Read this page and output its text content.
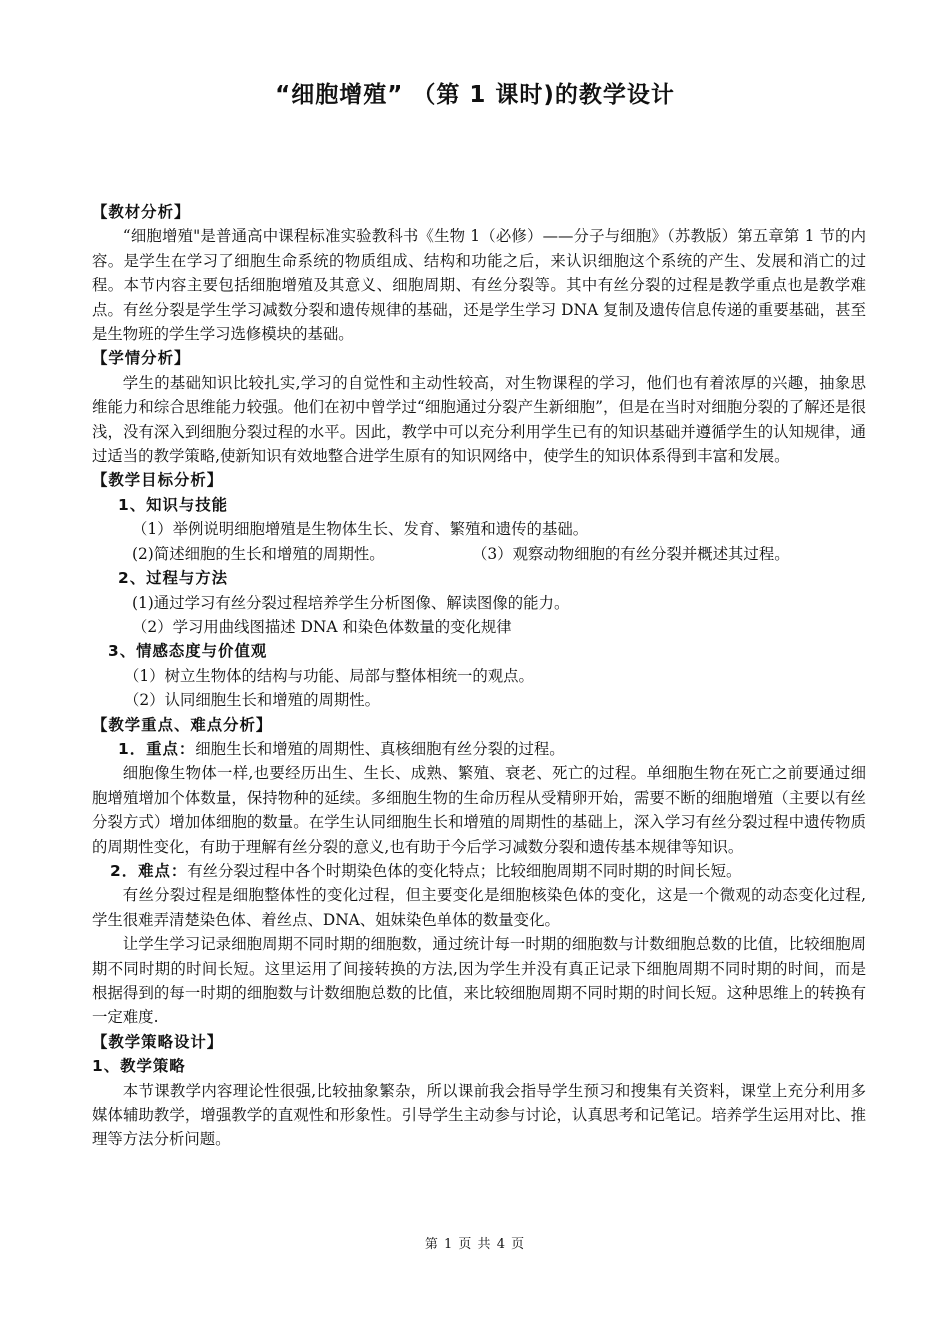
“细胞增殖” （第 1 课时)的教学设计

【教材分析】

“细胞增殖"是普通高中课程标准实验教科书《生物 1（必修）——分子与细胞》（苏教版）第五章第 1 节的内容。是学生在学习了细胞生命系统的物质组成、结构和功能之后，来认识细胞这个系统的产生、发展和消亡的过程。本节内容主要包括细胞增殖及其意义、细胞周期、有丝分裂等。其中有丝分裂的过程是教学重点也是教学难点。有丝分裂是学生学习减数分裂和遗传规律的基础，还是学生学习 DNA 复制及遗传信息传递的重要基础，甚至是生物班的学生学习选修模块的基础。

【学情分析】

学生的基础知识比较扎实,学习的自觉性和主动性较高，对生物课程的学习，他们也有着浓厚的兴趣，抽象思维能力和综合思维能力较强。他们在初中曾学过“细胞通过分裂产生新细胞”，但是在当时对细胞分裂的了解还是很浅，没有深入到细胞分裂过程的水平。因此，教学中可以充分利用学生已有的知识基础并遵循学生的认知规律，通过适当的教学策略,使新知识有效地整合进学生原有的知识网络中，使学生的知识体系得到丰富和发展。

【教学目标分析】

1、知识与技能

（1）举例说明细胞增殖是生物体生长、发育、繁殖和遗传的基础。

(2)简述细胞的生长和增殖的周期性。	（3）观察动物细胞的有丝分裂并概述其过程。

2、过程与方法

(1)通过学习有丝分裂过程培养学生分析图像、解读图像的能力。

（2）学习用曲线图描述 DNA 和染色体数量的变化规律

3、情感态度与价值观

（1）树立生物体的结构与功能、局部与整体相统一的观点。

（2）认同细胞生长和增殖的周期性。

【教学重点、难点分析】

1．重点：细胞生长和增殖的周期性、真核细胞有丝分裂的过程。

细胞像生物体一样,也要经历出生、生长、成熟、繁殖、衰老、死亡的过程。单细胞生物在死亡之前要通过细胞增殖增加个体数量，保持物种的延续。多细胞生物的生命历程从受精卵开始，需要不断的细胞增殖（主要以有丝分裂方式）增加体细胞的数量。在学生认同细胞生长和增殖的周期性的基础上，深入学习有丝分裂过程中遗传物质的周期性变化，有助于理解有丝分裂的意义,也有助于今后学习减数分裂和遗传基本规律等知识。

2．难点：有丝分裂过程中各个时期染色体的变化特点；比较细胞周期不同时期的时间长短。

有丝分裂过程是细胞整体性的变化过程，但主要变化是细胞核染色体的变化，这是一个微观的动态变化过程,学生很难弄清楚染色体、着丝点、DNA、姐妹染色单体的数量变化。

让学生学习记录细胞周期不同时期的细胞数，通过统计每一时期的细胞数与计数细胞总数的比值，比较细胞周期不同时期的时间长短。这里运用了间接转换的方法,因为学生并没有真正记录下细胞周期不同时期的时间，而是根据得到的每一时期的细胞数与计数细胞总数的比值，来比较细胞周期不同时期的时间长短。这种思维上的转换有一定难度.

【教学策略设计】

1、教学策略

本节课教学内容理论性很强,比较抽象繁杂，所以课前我会指导学生预习和搜集有关资料，课堂上充分利用多媒体辅助教学，增强教学的直观性和形象性。引导学生主动参与讨论，认真思考和记笔记。培养学生运用对比、推理等方法分析问题。

第 1 页 共 4 页
